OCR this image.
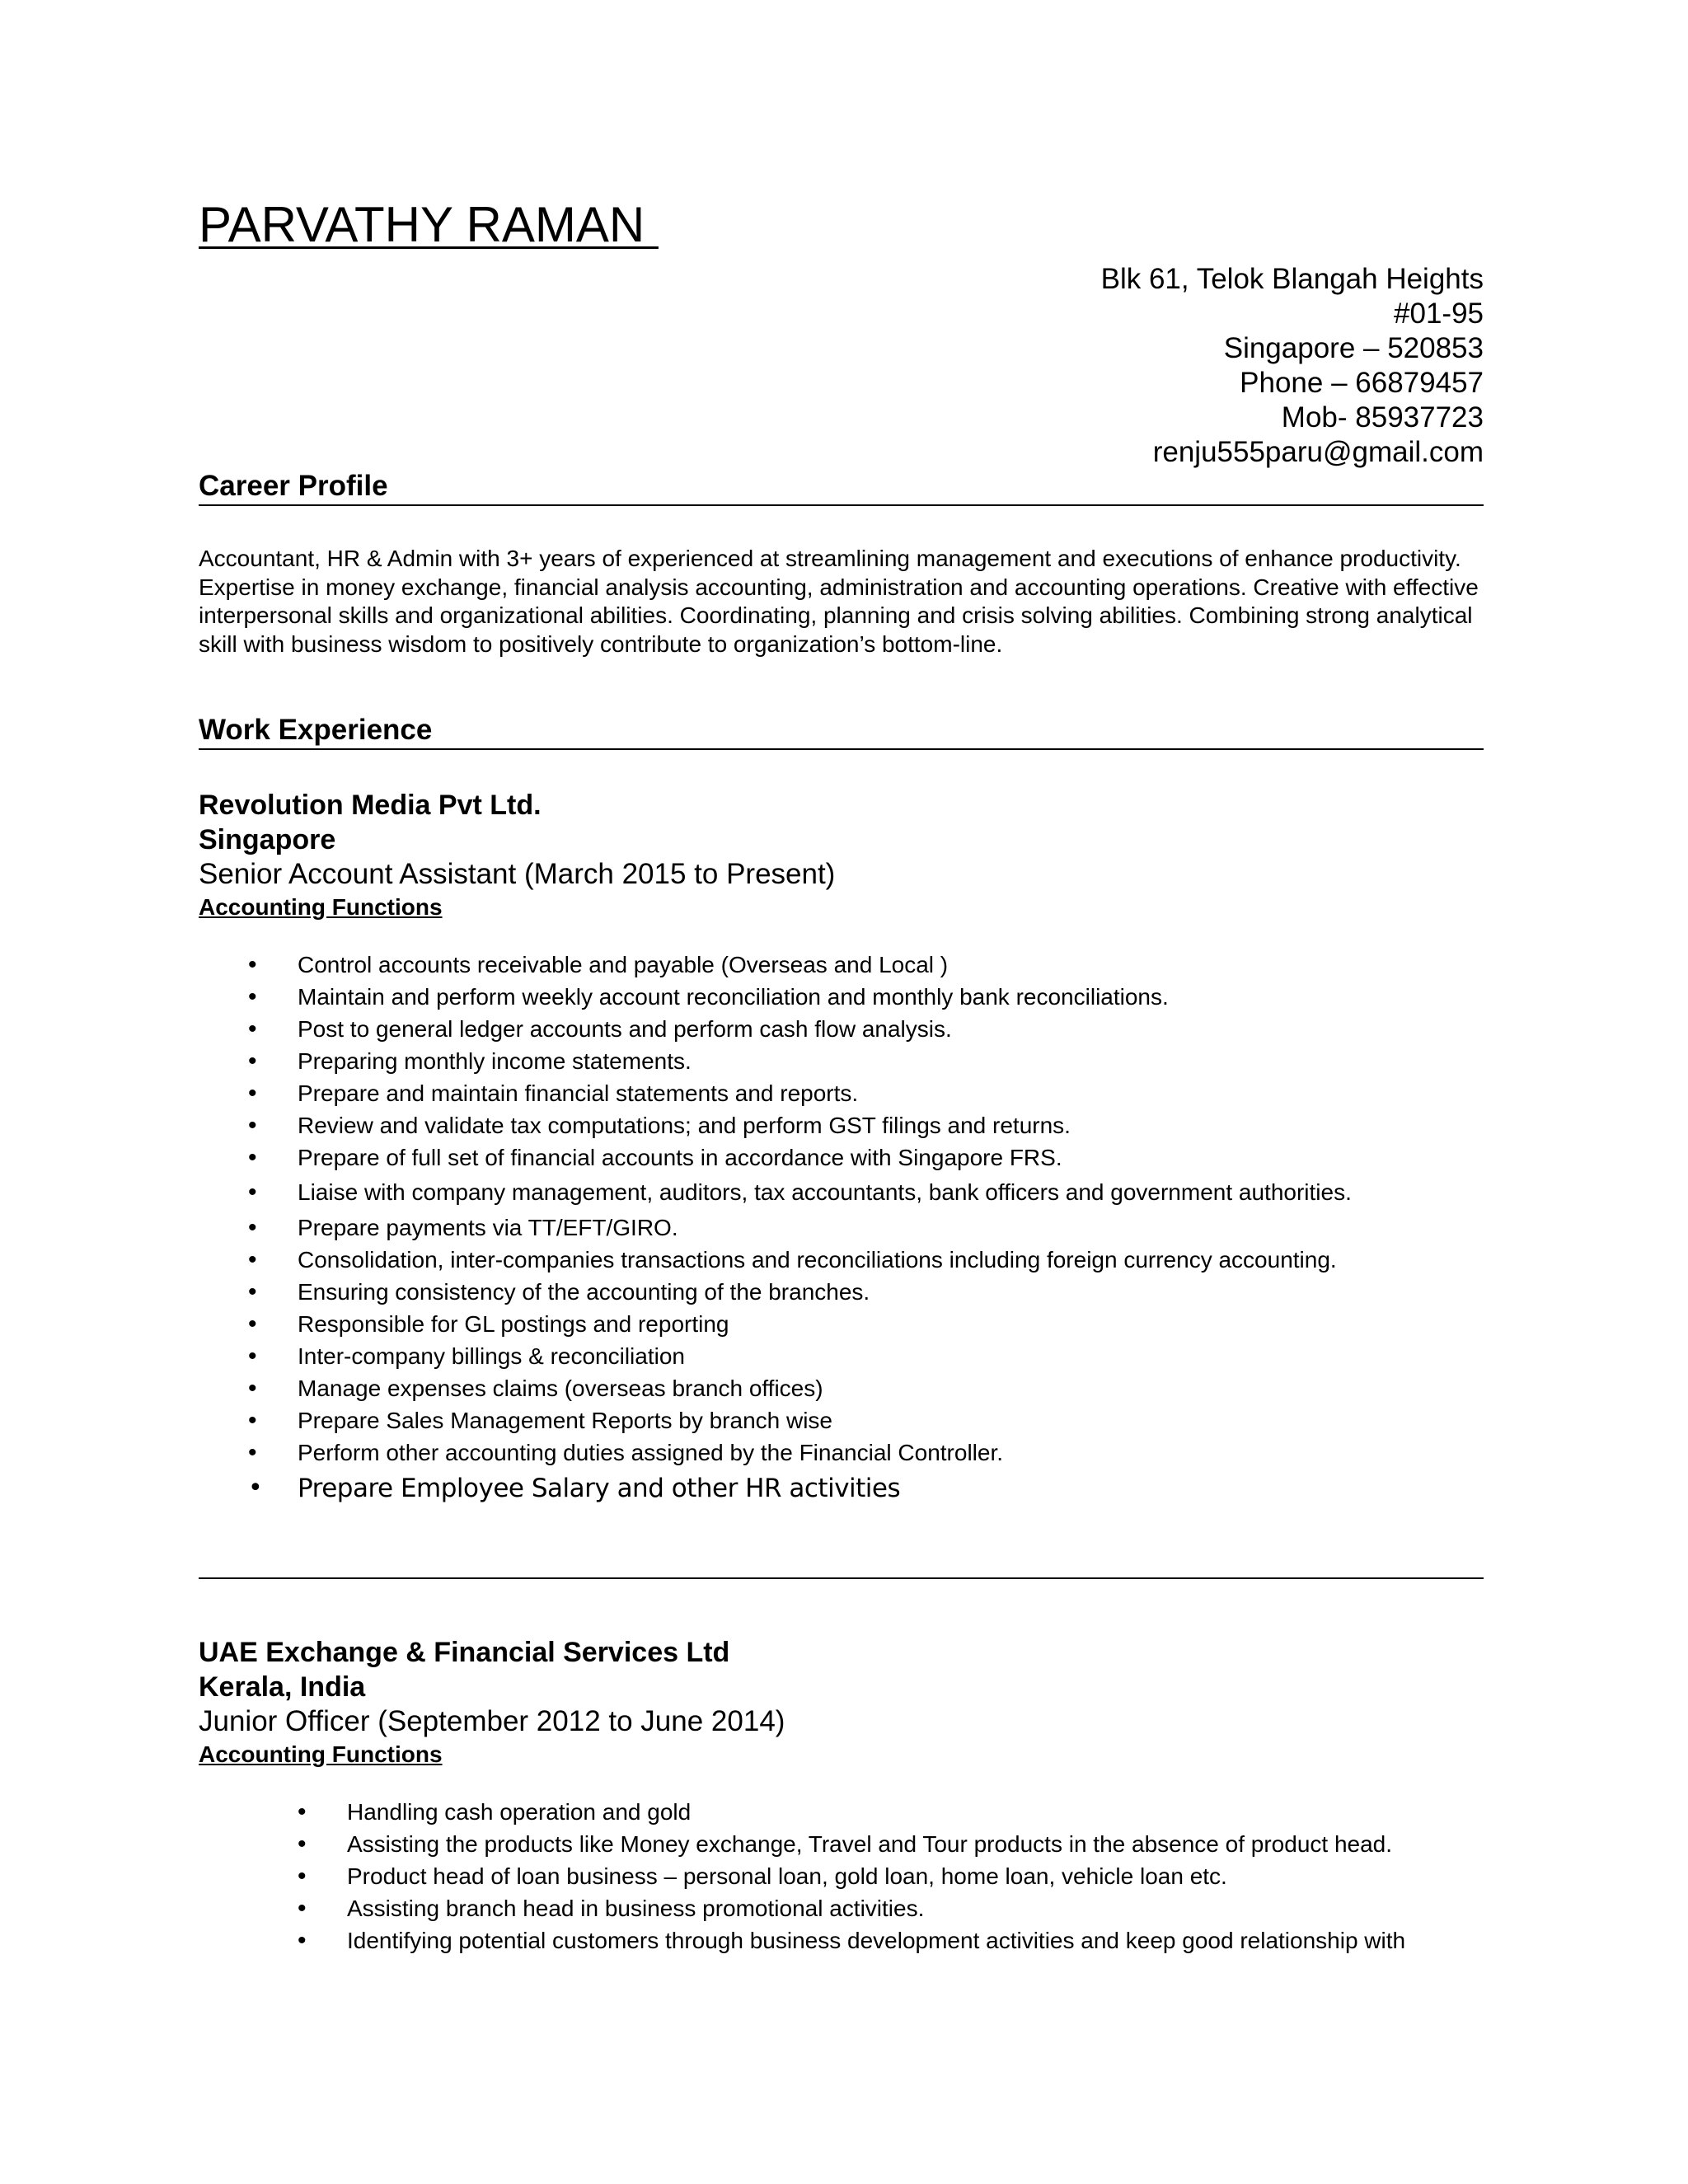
PARVATHY RAMAN
Blk 61, Telok Blangah Heights
#01-95
Singapore – 520853
Phone – 66879457
Mob- 85937723
renju555paru@gmail.com
Career Profile
Accountant, HR & Admin with 3+ years of experienced at streamlining management and executions of enhance productivity. Expertise in money exchange, financial analysis accounting, administration and accounting operations. Creative with effective interpersonal skills and organizational abilities. Coordinating, planning and crisis solving abilities. Combining strong analytical skill with business wisdom to positively contribute to organization’s bottom-line.
Work Experience
Revolution Media Pvt Ltd.
Singapore
Senior Account Assistant (March 2015 to Present)
Accounting Functions
• Control accounts receivable and payable (Overseas and Local )
• Maintain and perform weekly account reconciliation and monthly bank reconciliations.
• Post to general ledger accounts and perform cash flow analysis.
• Preparing monthly income statements.
• Prepare and maintain financial statements and reports.
• Review and validate tax computations; and perform GST filings and returns.
• Prepare of full set of financial accounts in accordance with Singapore FRS.
• Liaise with company management, auditors, tax accountants, bank officers and government authorities.
• Prepare payments via TT/EFT/GIRO.
• Consolidation, inter-companies transactions and reconciliations including foreign currency accounting.
• Ensuring consistency of the accounting of the branches.
• Responsible for GL postings and reporting
• Inter-company billings & reconciliation
• Manage expenses claims (overseas branch offices)
• Prepare Sales Management Reports by branch wise
• Perform other accounting duties assigned by the Financial Controller.
• Prepare Employee Salary and other HR activities
UAE Exchange & Financial Services Ltd
Kerala, India
Junior Officer (September 2012 to June 2014)
Accounting Functions
• Handling cash operation and gold
• Assisting the products like Money exchange, Travel and Tour products in the absence of product head.
• Product head of loan business – personal loan, gold loan, home loan, vehicle loan etc.
• Assisting branch head in business promotional activities.
• Identifying potential customers through business development activities and keep good relationship with
